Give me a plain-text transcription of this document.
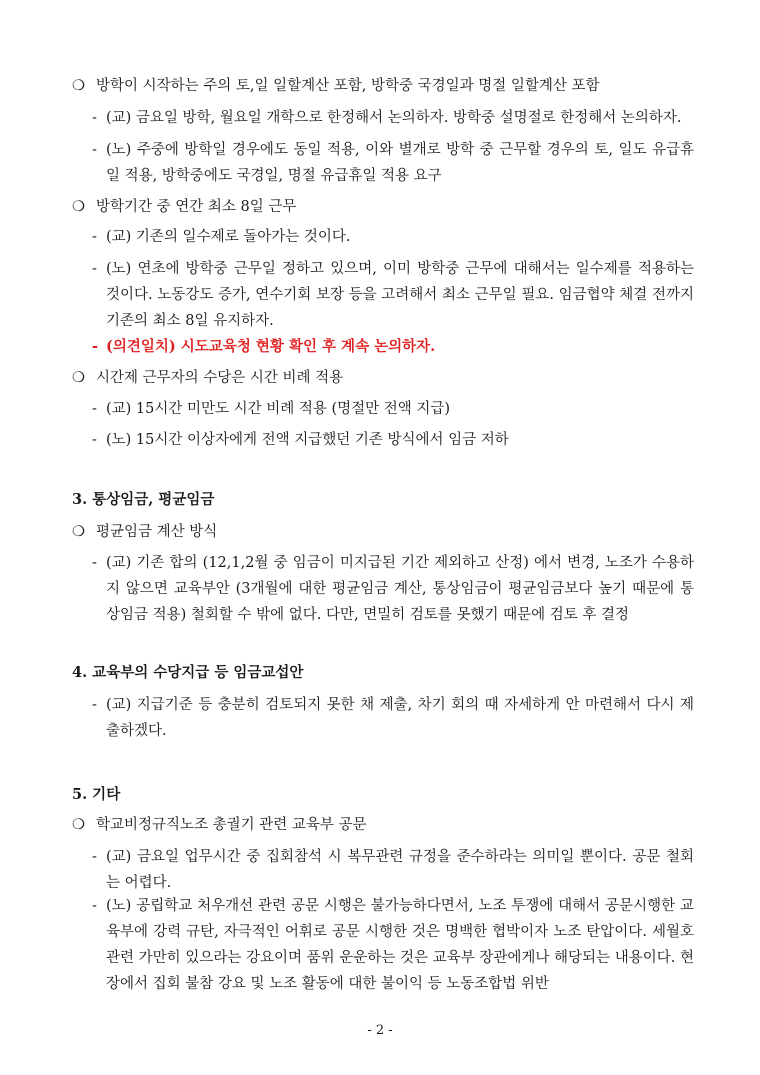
❍ 방학이 시작하는 주의 토,일 일할계산 포함, 방학중 국경일과 명절 일할계산 포함
- (교) 금요일 방학, 월요일 개학으로 한정해서 논의하자. 방학중 설명절로 한정해서 논의하자.
- (노) 주중에 방학일 경우에도 동일 적용, 이와 별개로 방학 중 근무할 경우의 토, 일도 유급휴일 적용, 방학중에도 국경일, 명절 유급휴일 적용 요구
❍ 방학기간 중 연간 최소 8일 근무
- (교) 기존의 일수제로 돌아가는 것이다.
- (노) 연초에 방학중 근무일 정하고 있으며, 이미 방학중 근무에 대해서는 일수제를 적용하는 것이다. 노동강도 증가, 연수기회 보장 등을 고려해서 최소 근무일 필요. 임금협약 체결 전까지 기존의 최소 8일 유지하자.
- (의견일치) 시도교육청 현황 확인 후 계속 논의하자.
❍ 시간제 근무자의 수당은 시간 비례 적용
- (교) 15시간 미만도 시간 비례 적용 (명절만 전액 지급)
- (노) 15시간 이상자에게 전액 지급했던 기존 방식에서 임금 저하
3. 통상임금, 평균임금
❍ 평균임금 계산 방식
- (교) 기존 합의 (12,1,2월 중 임금이 미지급된 기간 제외하고 산정) 에서 변경, 노조가 수용하지 않으면 교육부안 (3개월에 대한 평균임금 계산, 통상임금이 평균임금보다 높기 때문에 통상임금 적용) 철회할 수 밖에 없다. 다만, 면밀히 검토를 못했기 때문에 검토 후 결정
4. 교육부의 수당지급 등 임금교섭안
- (교) 지급기준 등 충분히 검토되지 못한 채 제출, 차기 회의 때 자세하게 안 마련해서 다시 제출하겠다.
5. 기타
❍ 학교비정규직노조 총궐기 관련 교육부 공문
- (교) 금요일 업무시간 중 집회참석 시 복무관련 규정을 준수하라는 의미일 뿐이다. 공문 철회는 어렵다.
- (노) 공립학교 처우개선 관련 공문 시행은 불가능하다면서, 노조 투쟁에 대해서 공문시행한 교육부에 강력 규탄, 자극적인 어휘로 공문 시행한 것은 명백한 협박이자 노조 탄압이다. 세월호 관련 가만히 있으라는 강요이며 품위 운운하는 것은 교육부 장관에게나 해당되는 내용이다. 현장에서 집회 불참 강요 및 노조 활동에 대한 불이익 등 노동조합법 위반
- 2 -
